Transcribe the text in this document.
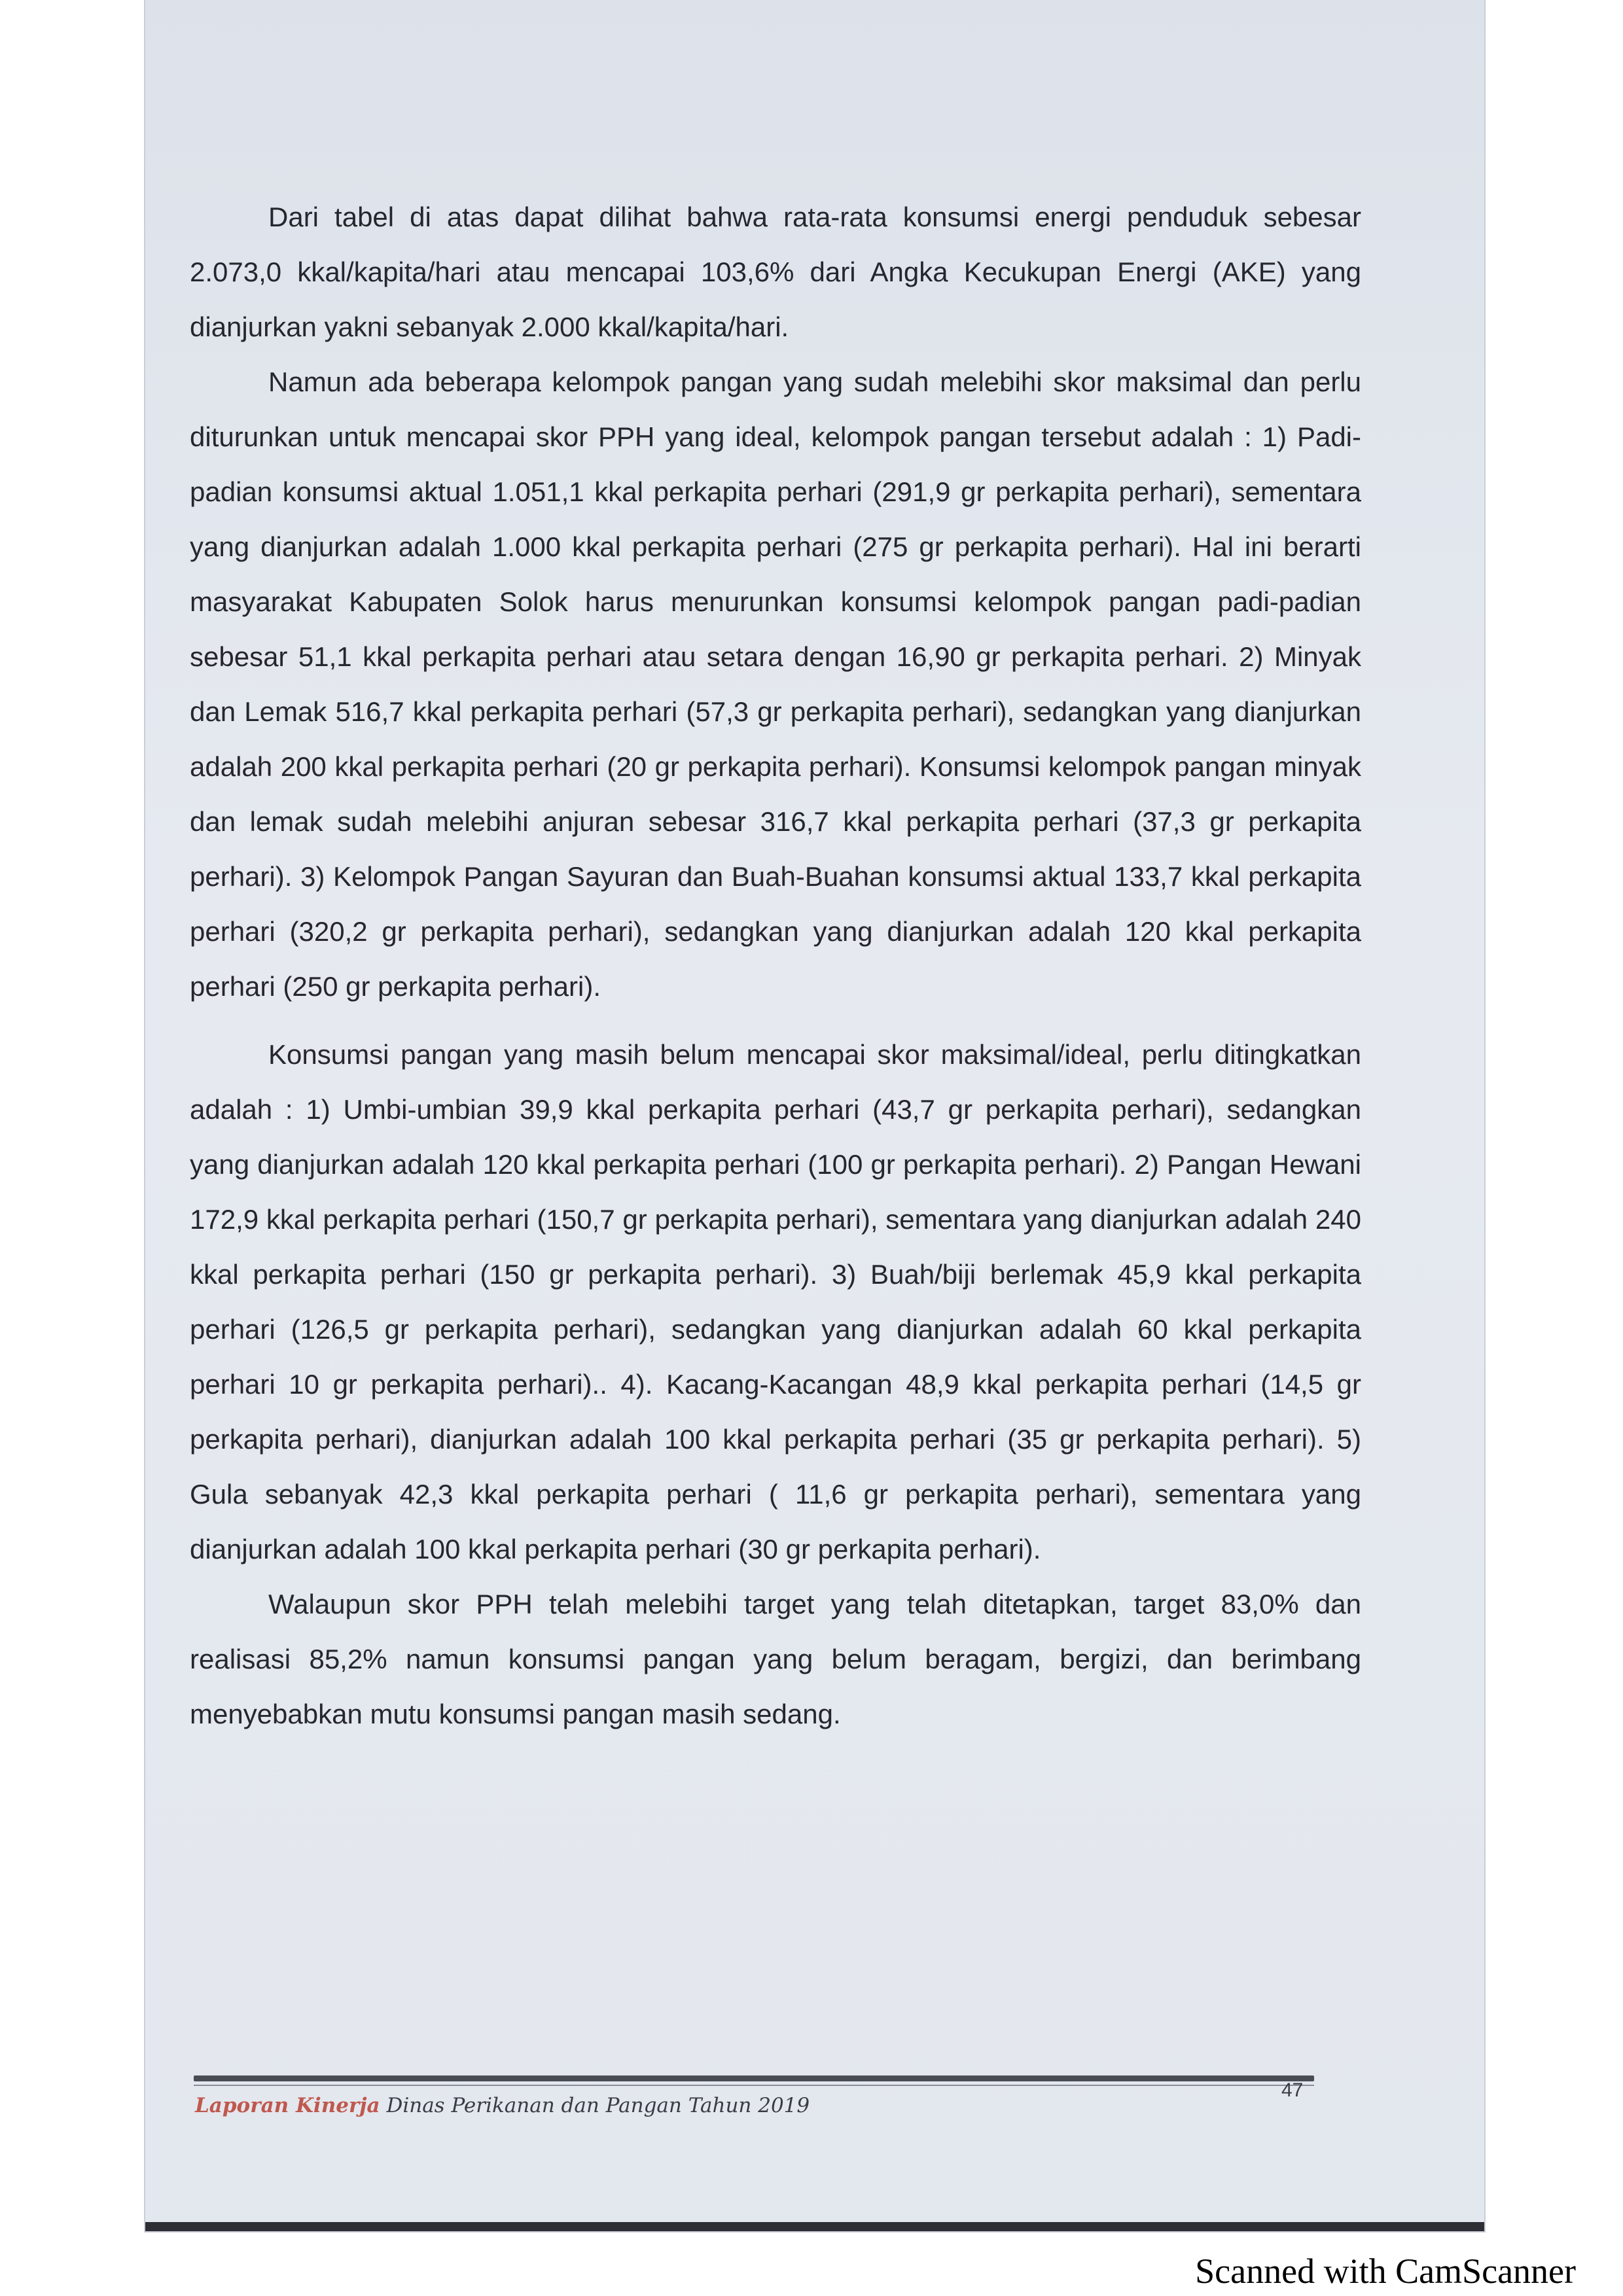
Dari tabel di atas dapat dilihat bahwa rata-rata konsumsi energi penduduk sebesar 2.073,0 kkal/kapita/hari atau mencapai 103,6% dari Angka Kecukupan Energi (AKE) yang dianjurkan yakni sebanyak 2.000 kkal/kapita/hari.

Namun ada beberapa kelompok pangan yang sudah melebihi skor maksimal dan perlu diturunkan untuk mencapai skor PPH yang ideal, kelompok pangan tersebut adalah : 1) Padi-padian konsumsi aktual 1.051,1 kkal perkapita perhari (291,9 gr perkapita perhari), sementara yang dianjurkan adalah 1.000 kkal perkapita perhari (275 gr perkapita perhari). Hal ini berarti masyarakat Kabupaten Solok harus menurunkan konsumsi kelompok pangan padi-padian sebesar 51,1 kkal perkapita perhari atau setara dengan 16,90 gr perkapita perhari. 2) Minyak dan Lemak 516,7 kkal perkapita perhari (57,3 gr perkapita perhari), sedangkan yang dianjurkan adalah 200 kkal perkapita perhari (20 gr perkapita perhari). Konsumsi kelompok pangan minyak dan lemak sudah melebihi anjuran sebesar 316,7 kkal perkapita perhari (37,3 gr perkapita perhari). 3) Kelompok Pangan Sayuran dan Buah-Buahan konsumsi aktual 133,7 kkal perkapita perhari (320,2 gr perkapita perhari), sedangkan yang dianjurkan adalah 120 kkal perkapita perhari (250 gr perkapita perhari).

Konsumsi pangan yang masih belum mencapai skor maksimal/ideal, perlu ditingkatkan adalah : 1) Umbi-umbian 39,9 kkal perkapita perhari (43,7 gr perkapita perhari), sedangkan yang dianjurkan adalah 120 kkal perkapita perhari (100 gr perkapita perhari). 2) Pangan Hewani 172,9 kkal perkapita perhari (150,7 gr perkapita perhari), sementara yang dianjurkan adalah 240 kkal perkapita perhari (150 gr perkapita perhari). 3) Buah/biji berlemak 45,9 kkal perkapita perhari (126,5 gr perkapita perhari), sedangkan yang dianjurkan adalah 60 kkal perkapita perhari 10 gr perkapita perhari).. 4). Kacang-Kacangan 48,9 kkal perkapita perhari (14,5 gr perkapita perhari), dianjurkan adalah 100 kkal perkapita perhari (35 gr perkapita perhari). 5) Gula sebanyak 42,3 kkal perkapita perhari ( 11,6 gr perkapita perhari), sementara yang dianjurkan adalah 100 kkal perkapita perhari (30 gr perkapita perhari).

Walaupun skor PPH telah melebihi target yang telah ditetapkan, target 83,0% dan realisasi 85,2% namun konsumsi pangan yang belum beragam, bergizi, dan berimbang menyebabkan mutu konsumsi pangan masih sedang.

Laporan Kinerja Dinas Perikanan dan Pangan Tahun 2019
47
Scanned with CamScanner
